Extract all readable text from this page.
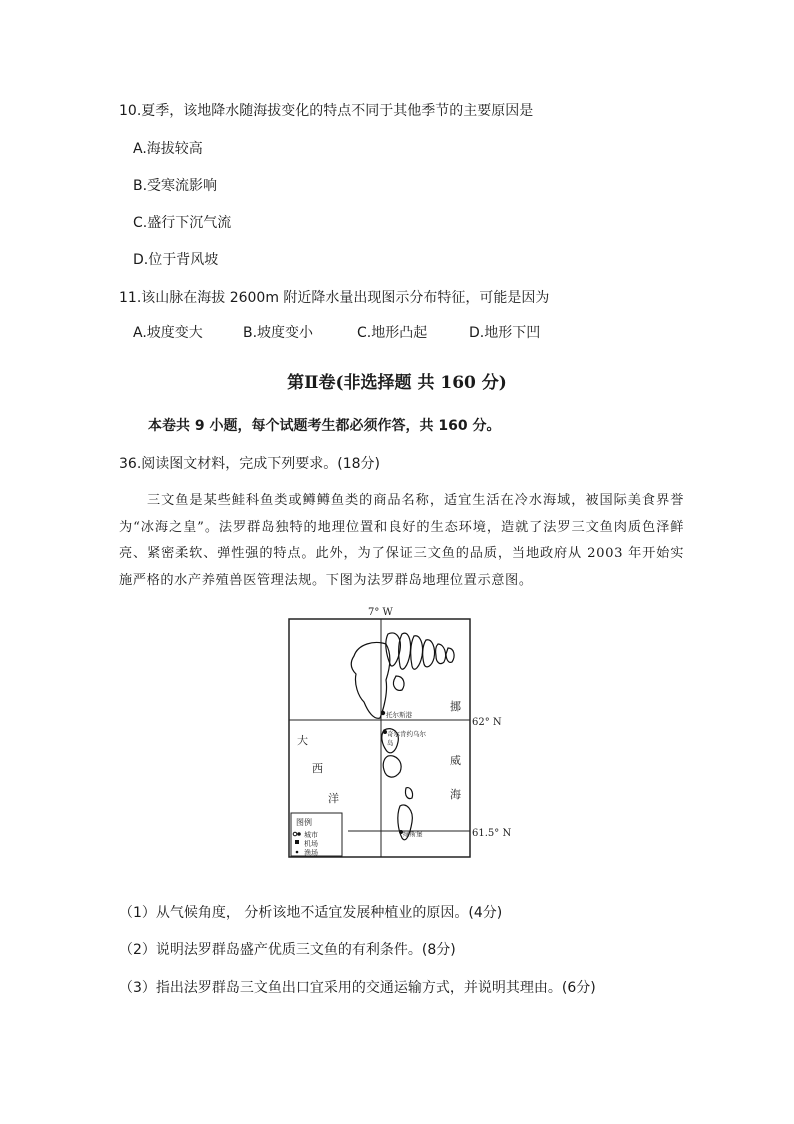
10.夏季，该地降水随海拔变化的特点不同于其他季节的主要原因是
A.海拔较高
B.受寒流影响
C.盛行下沉气流
D.位于背风坡
11.该山脉在海拔 2600m 附近降水量出现图示分布特征，可能是因为
A.坡度变大	B.坡度变小	C.地形凸起	D.地形下凹
第Ⅱ卷(非选择题 共 160 分)
本卷共 9 小题，每个试题考生都必须作答，共 160 分。
36.阅读图文材料，完成下列要求。(18分)
三文鱼是某些鲑科鱼类或鳟鳟鱼类的商品名称，适宜生活在冷水海域，被国际美食界誉为“冰海之皇”。法罗群岛独特的地理位置和良好的生态环境，造就了法罗三文鱼肉质色泽鲜亮、紧密柔软、弹性强的特点。此外，为了保证三文鱼的品质，当地政府从 2003 年开始实施严格的水产养殖兽医管理法规。下图为法罗群岛地理位置示意图。
图例
城市
机场
渔场
7° W
62° N
61.5° N
大
西
洋
挪
威
海
托尔斯港
奇尔肯约乌尔
岛
绿斯堡
（1）从气候角度， 分析该地不适宜发展种植业的原因。(4分)
（2）说明法罗群岛盛产优质三文鱼的有利条件。(8分)
（3）指出法罗群岛三文鱼出口宜采用的交通运输方式，并说明其理由。(6分)
